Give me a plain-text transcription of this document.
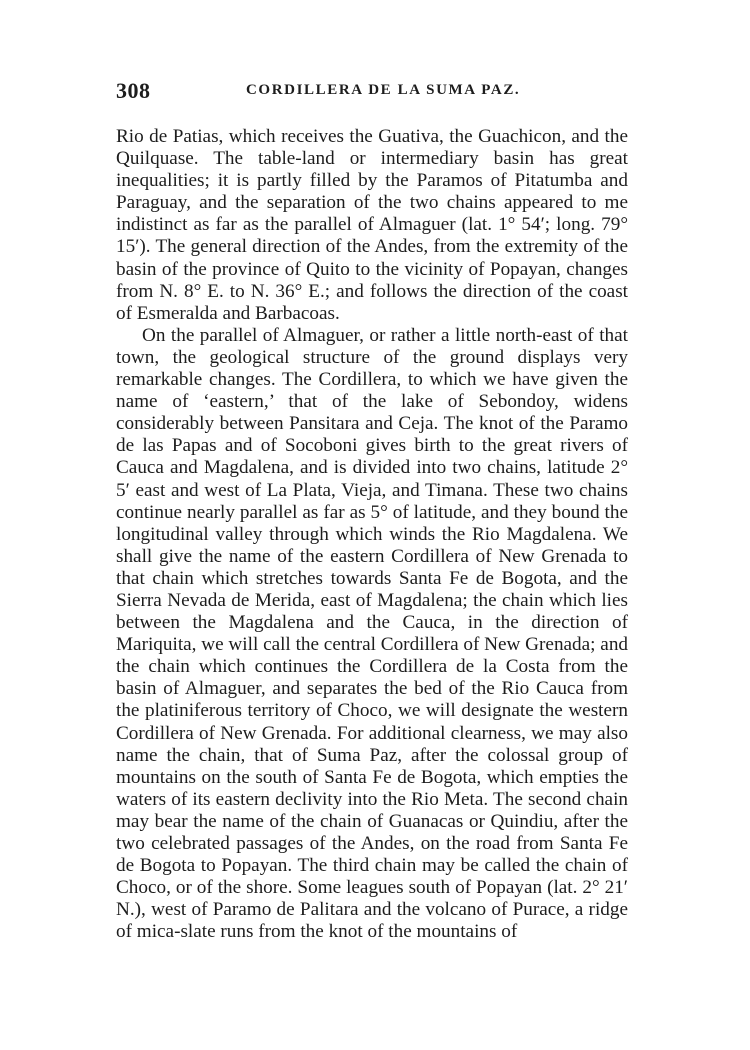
308	CORDILLERA DE LA SUMA PAZ.

Rio de Patias, which receives the Guativa, the Guachicon, and the Quilquase. The table-land or intermediary basin has great inequalities; it is partly filled by the Paramos of Pitatumba and Paraguay, and the separation of the two chains appeared to me indistinct as far as the parallel of Almaguer (lat. 1° 54′; long. 79° 15′). The general direction of the Andes, from the extremity of the basin of the province of Quito to the vicinity of Popayan, changes from N. 8° E. to N. 36° E.; and follows the direction of the coast of Esmeralda and Barbacoas.

On the parallel of Almaguer, or rather a little north-east of that town, the geological structure of the ground displays very remarkable changes. The Cordillera, to which we have given the name of ‘eastern,’ that of the lake of Sebondoy, widens considerably between Pansitara and Ceja. The knot of the Paramo de las Papas and of Socoboni gives birth to the great rivers of Cauca and Magdalena, and is divided into two chains, latitude 2° 5′ east and west of La Plata, Vieja, and Timana. These two chains continue nearly parallel as far as 5° of latitude, and they bound the longitudinal valley through which winds the Rio Magdalena. We shall give the name of the eastern Cordillera of New Grenada to that chain which stretches towards Santa Fe de Bogota, and the Sierra Nevada de Merida, east of Magdalena; the chain which lies between the Magdalena and the Cauca, in the direction of Mariquita, we will call the central Cordillera of New Grenada; and the chain which continues the Cordillera de la Costa from the basin of Almaguer, and separates the bed of the Rio Cauca from the platiniferous territory of Choco, we will designate the western Cordillera of New Grenada. For additional clearness, we may also name the chain, that of Suma Paz, after the colossal group of mountains on the south of Santa Fe de Bogota, which empties the waters of its eastern declivity into the Rio Meta. The second chain may bear the name of the chain of Guanacas or Quindiu, after the two celebrated passages of the Andes, on the road from Santa Fe de Bogota to Popayan. The third chain may be called the chain of Choco, or of the shore. Some leagues south of Popayan (lat. 2° 21′ N.), west of Paramo de Palitara and the volcano of Purace, a ridge of mica-slate runs from the knot of the mountains of
